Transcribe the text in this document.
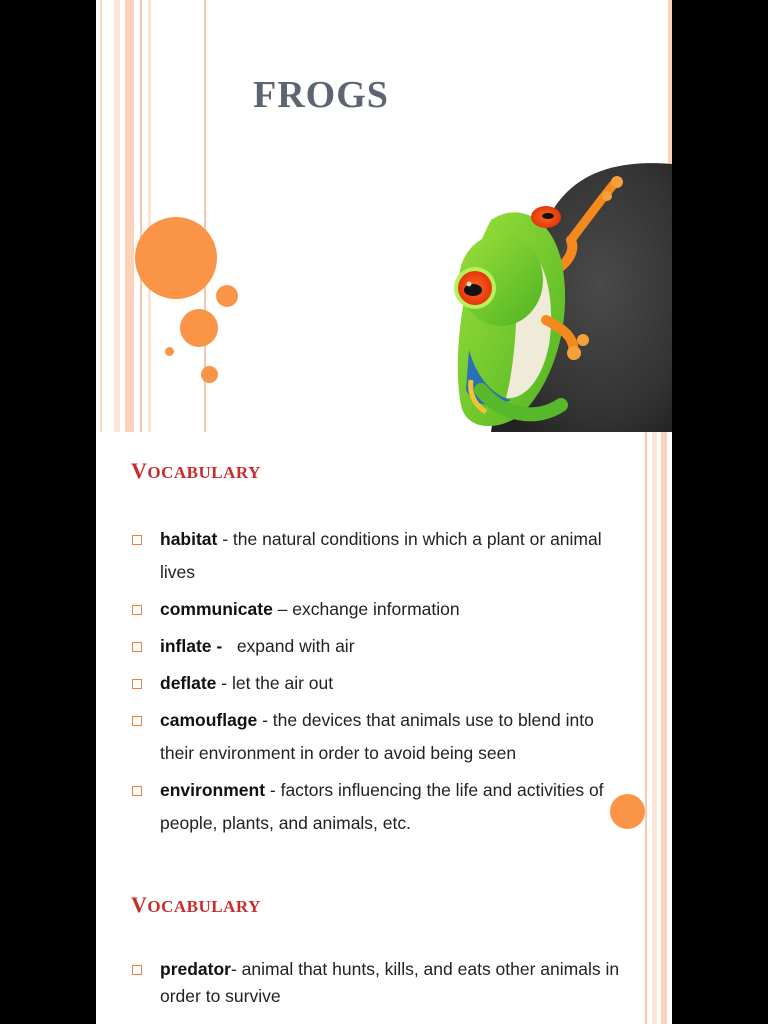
FROGS
VOCABULARY
habitat - the natural conditions in which a plant or animal lives
communicate – exchange information
inflate -   expand with air
deflate - let the air out
camouflage - the devices that animals use to blend into their environment in order to avoid being seen
environment - factors influencing the life and activities of people, plants, and animals, etc.
VOCABULARY
predator- animal that hunts, kills, and eats other animals in order to survive
